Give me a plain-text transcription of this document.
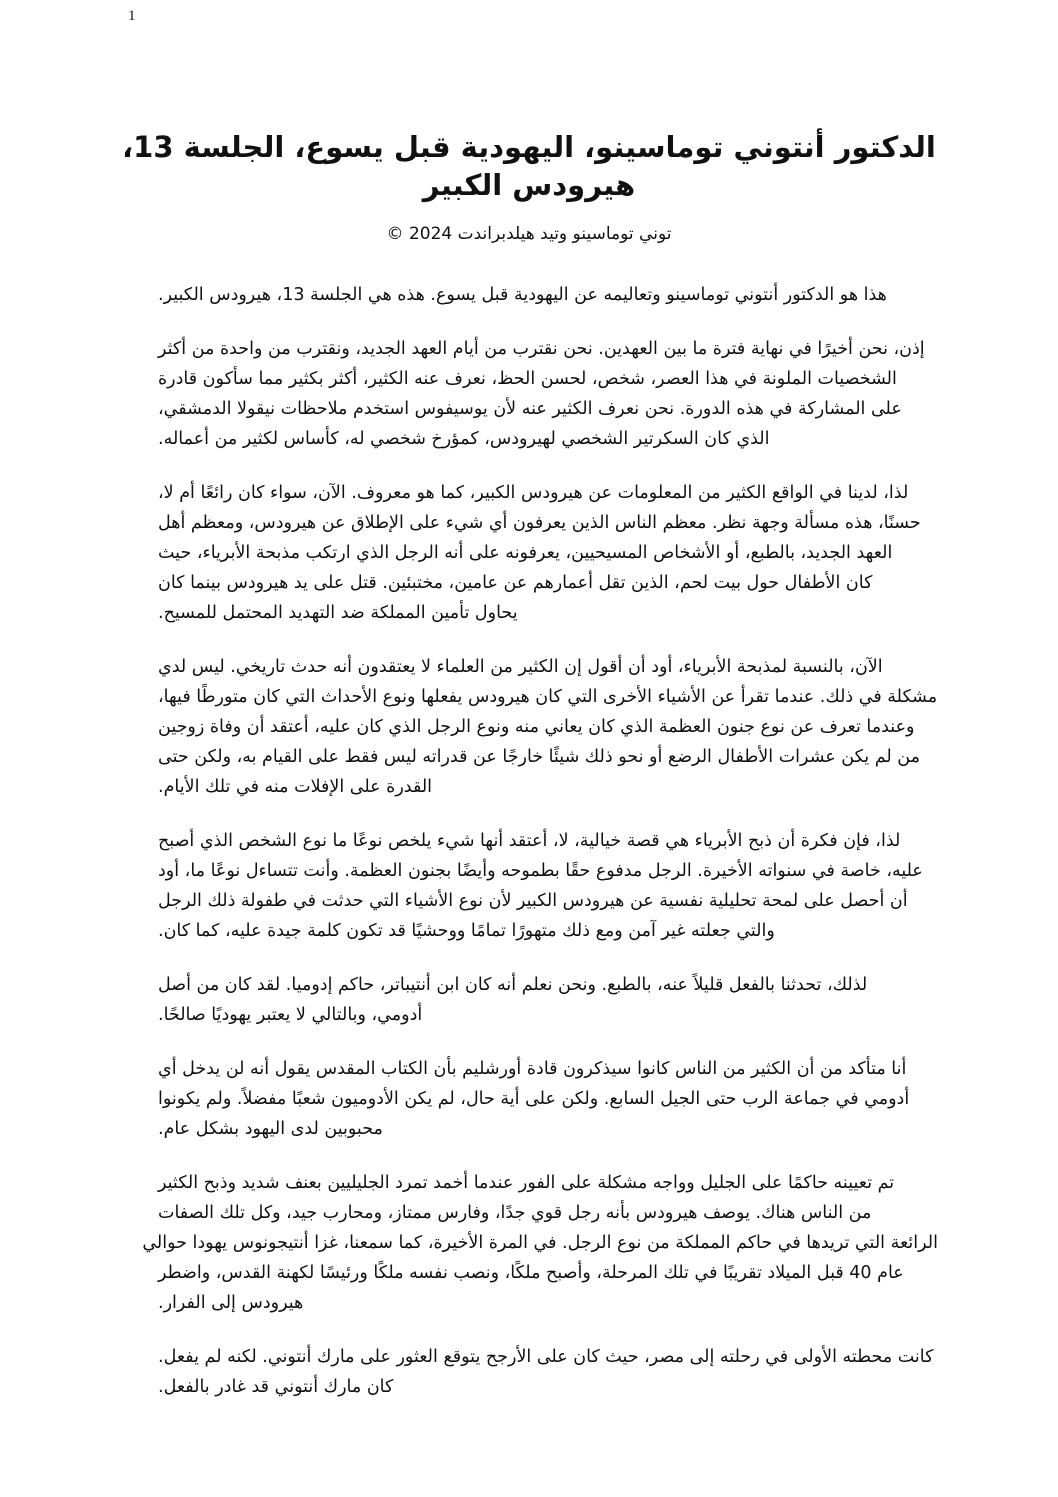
1
الدكتور أنتوني توماسينو، اليهودية قبل يسوع، الجلسة 13،
هيرودس الكبير
توني توماسينو وتيد هيلدبراندت 2024 ©
هذا هو الدكتور أنتوني توماسينو وتعاليمه عن اليهودية قبل يسوع. هذه هي الجلسة 13، هيرودس الكبير.
إذن، نحن أخيرًا في نهاية فترة ما بين العهدين. نحن نقترب من أيام العهد الجديد، ونقترب من واحدة من أكثر
الشخصيات الملونة في هذا العصر، شخص، لحسن الحظ، نعرف عنه الكثير، أكثر بكثير مما سأكون قادرة
على المشاركة في هذه الدورة. نحن نعرف الكثير عنه لأن يوسيفوس استخدم ملاحظات نيقولا الدمشقي،
الذي كان السكرتير الشخصي لهيرودس، كمؤرخ شخصي له، كأساس لكثير من أعماله.
لذا، لدينا في الواقع الكثير من المعلومات عن هيرودس الكبير، كما هو معروف. الآن، سواء كان رائعًا أم لا،
حسنًا، هذه مسألة وجهة نظر. معظم الناس الذين يعرفون أي شيء على الإطلاق عن هيرودس، ومعظم أهل
العهد الجديد، بالطبع، أو الأشخاص المسيحيين، يعرفونه على أنه الرجل الذي ارتكب مذبحة الأبرياء، حيث
كان الأطفال حول بيت لحم، الذين تقل أعمارهم عن عامين، مختبئين. قتل على يد هيرودس بينما كان
يحاول تأمين المملكة ضد التهديد المحتمل للمسيح.
الآن، بالنسبة لمذبحة الأبرياء، أود أن أقول إن الكثير من العلماء لا يعتقدون أنه حدث تاريخي. ليس لدي
مشكلة في ذلك. عندما تقرأ عن الأشياء الأخرى التي كان هيرودس يفعلها ونوع الأحداث التي كان متورطًا فيها،
وعندما تعرف عن نوع جنون العظمة الذي كان يعاني منه ونوع الرجل الذي كان عليه، أعتقد أن وفاة زوجين
من لم يكن عشرات الأطفال الرضع أو نحو ذلك شيئًا خارجًا عن قدراته ليس فقط على القيام به، ولكن حتى
القدرة على الإفلات منه في تلك الأيام.
لذا، فإن فكرة أن ذبح الأبرياء هي قصة خيالية، لا، أعتقد أنها شيء يلخص نوعًا ما نوع الشخص الذي أصبح
عليه، خاصة في سنواته الأخيرة. الرجل مدفوع حقًا بطموحه وأيضًا بجنون العظمة. وأنت تتساءل نوعًا ما، أود
أن أحصل على لمحة تحليلية نفسية عن هيرودس الكبير لأن نوع الأشياء التي حدثت في طفولة ذلك الرجل
والتي جعلته غير آمن ومع ذلك متهورًا تمامًا ووحشيًا قد تكون كلمة جيدة عليه، كما كان.
لذلك، تحدثنا بالفعل قليلاً عنه، بالطبع. ونحن نعلم أنه كان ابن أنتيباتر، حاكم إدوميا. لقد كان من أصل
أدومي، وبالتالي لا يعتبر يهوديًا صالحًا.
أنا متأكد من أن الكثير من الناس كانوا سيذكرون قادة أورشليم بأن الكتاب المقدس يقول أنه لن يدخل أي
أدومي في جماعة الرب حتى الجيل السابع. ولكن على أية حال، لم يكن الأدوميون شعبًا مفضلاً. ولم يكونوا
محبوبين لدى اليهود بشكل عام.
تم تعيينه حاكمًا على الجليل وواجه مشكلة على الفور عندما أخمد تمرد الجليليين بعنف شديد وذبح الكثير
من الناس هناك. يوصف هيرودس بأنه رجل قوي جدًا، وفارس ممتاز، ومحارب جيد، وكل تلك الصفات
الرائعة التي تريدها في حاكم المملكة من نوع الرجل. في المرة الأخيرة، كما سمعنا، غزا أنتيجونوس يهودا حوالي
عام 40 قبل الميلاد تقريبًا في تلك المرحلة، وأصبح ملكًا، ونصب نفسه ملكًا ورئيسًا لكهنة القدس، واضطر
هيرودس إلى الفرار.
كانت محطته الأولى في رحلته إلى مصر، حيث كان على الأرجح يتوقع العثور على مارك أنتوني. لكنه لم يفعل.
كان مارك أنتوني قد غادر بالفعل.
